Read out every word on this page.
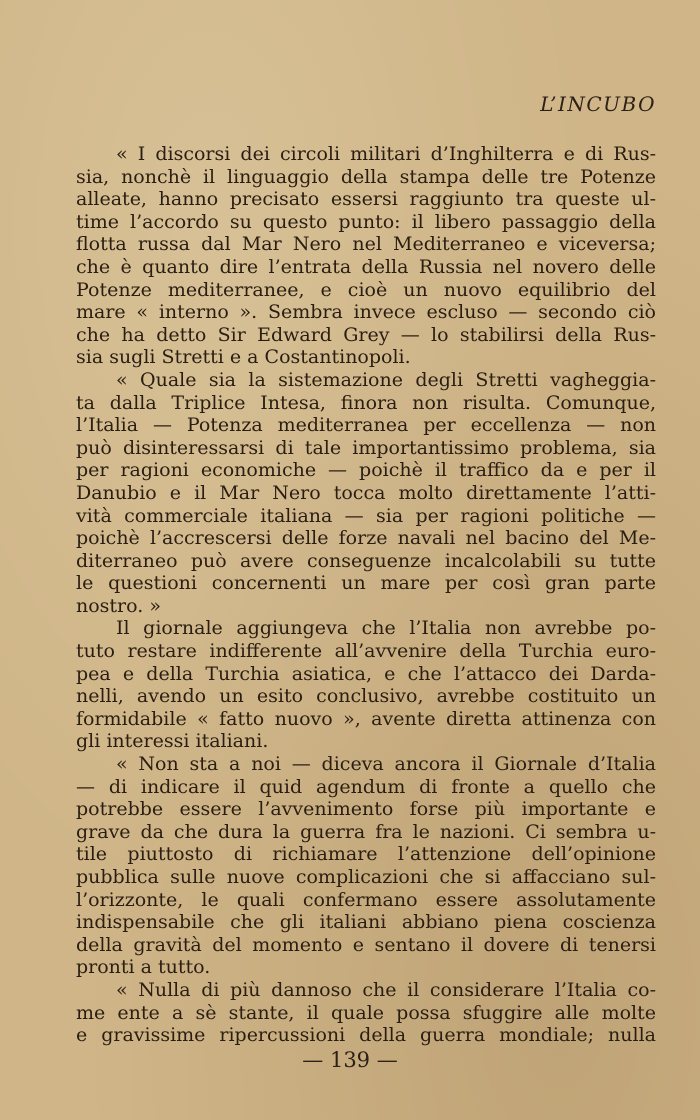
L’INCUBO
« I discorsi dei circoli militari d’Inghilterra e di Rus-
sia, nonchè il linguaggio della stampa delle tre Potenze
alleate, hanno precisato essersi raggiunto tra queste ul-
time l’accordo su questo punto: il libero passaggio della
flotta russa dal Mar Nero nel Mediterraneo e viceversa;
che è quanto dire l’entrata della Russia nel novero delle
Potenze mediterranee, e cioè un nuovo equilibrio del
mare « interno ». Sembra invece escluso — secondo ciò
che ha detto Sir Edward Grey — lo stabilirsi della Rus-
sia sugli Stretti e a Costantinopoli.
« Quale sia la sistemazione degli Stretti vagheggia-
ta dalla Triplice Intesa, finora non risulta. Comunque,
l’Italia — Potenza mediterranea per eccellenza — non
può disinteressarsi di tale importantissimo problema, sia
per ragioni economiche — poichè il traffico da e per il
Danubio e il Mar Nero tocca molto direttamente l’atti-
vità commerciale italiana — sia per ragioni politiche —
poichè l’accrescersi delle forze navali nel bacino del Me-
diterraneo può avere conseguenze incalcolabili su tutte
le questioni concernenti un mare per così gran parte
nostro. »
Il giornale aggiungeva che l’Italia non avrebbe po-
tuto restare indifferente all’avvenire della Turchia euro-
pea e della Turchia asiatica, e che l’attacco dei Darda-
nelli, avendo un esito conclusivo, avrebbe costituito un
formidabile « fatto nuovo », avente diretta attinenza con
gli interessi italiani.
« Non sta a noi — diceva ancora il Giornale d’Italia
— di indicare il quid agendum di fronte a quello che
potrebbe essere l’avvenimento forse più importante e
grave da che dura la guerra fra le nazioni. Ci sembra u-
tile piuttosto di richiamare l’attenzione dell’opinione
pubblica sulle nuove complicazioni che si affacciano sul-
l’orizzonte, le quali confermano essere assolutamente
indispensabile che gli italiani abbiano piena coscienza
della gravità del momento e sentano il dovere di tenersi
pronti a tutto.
« Nulla di più dannoso che il considerare l’Italia co-
me ente a sè stante, il quale possa sfuggire alle molte
e gravissime ripercussioni della guerra mondiale; nulla
— 139 —
